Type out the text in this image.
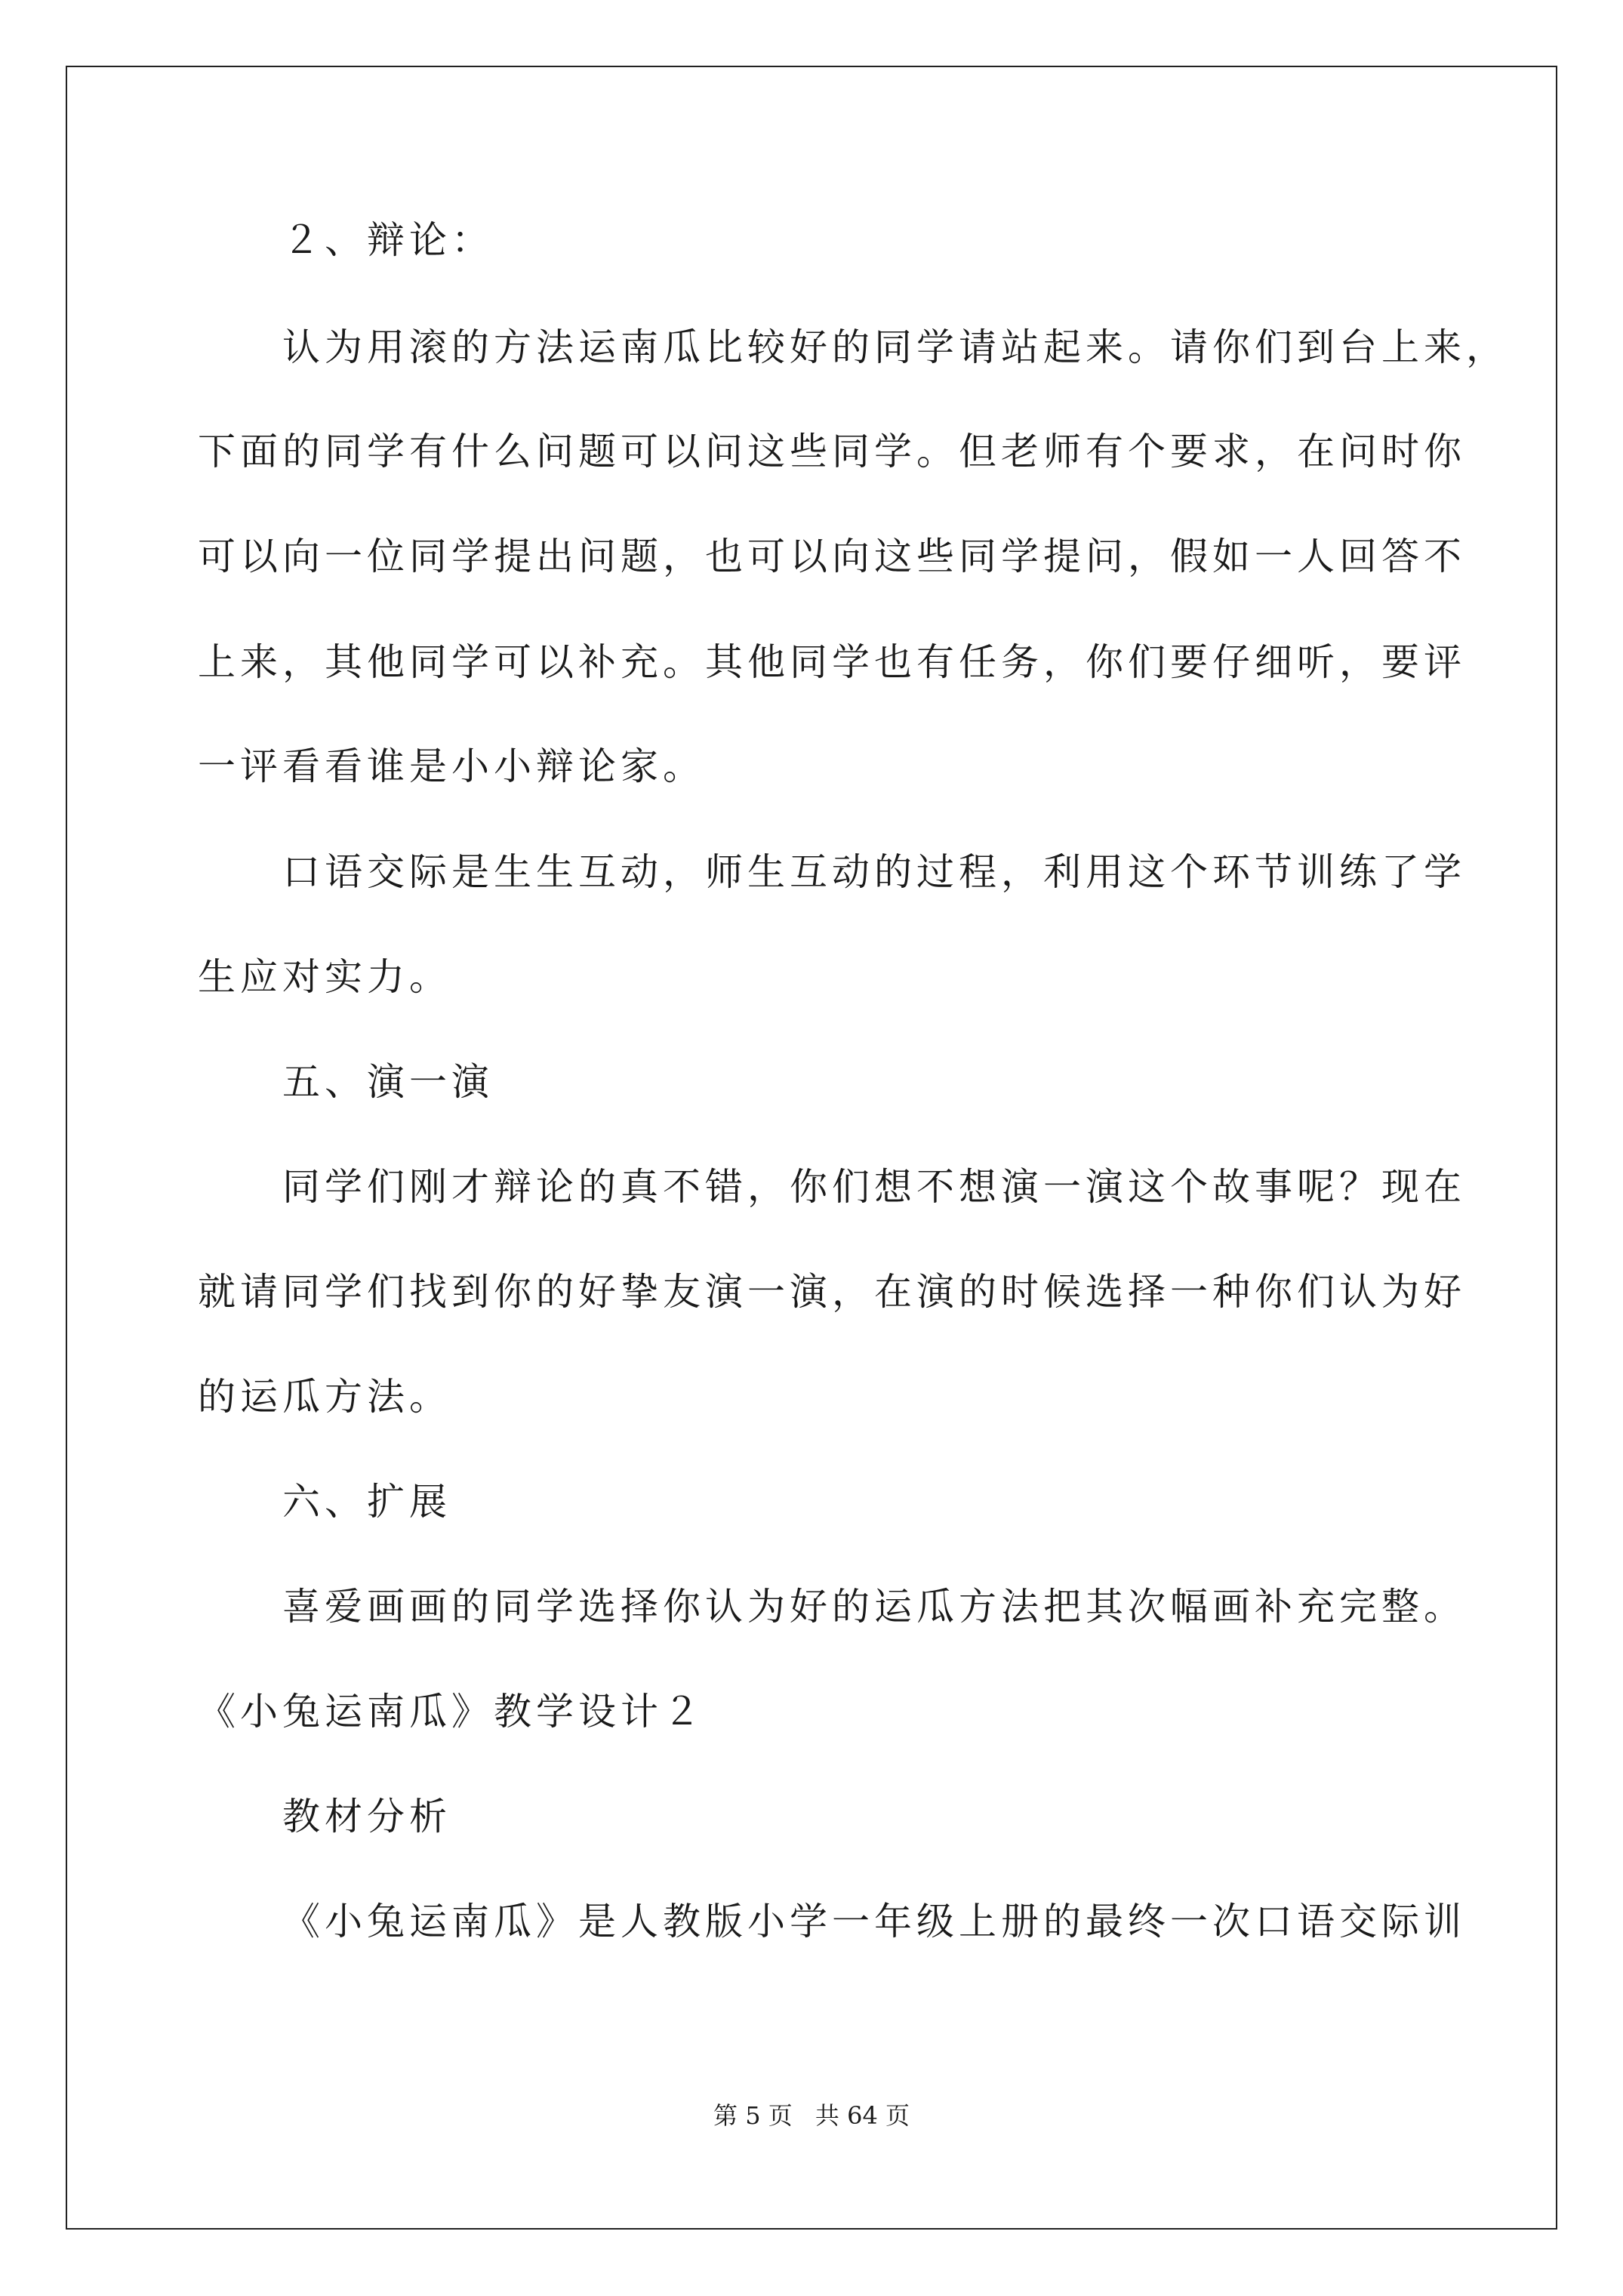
２、辩论：
认为用滚的方法运南瓜比较好的同学请站起来。请你们到台上来，
下面的同学有什么问题可以问这些同学。但老师有个要求，在问时你
可以向一位同学提出问题，也可以向这些同学提问，假如一人回答不
上来，其他同学可以补充。其他同学也有任务，你们要仔细听，要评
一评看看谁是小小辩论家。
口语交际是生生互动，师生互动的过程，利用这个环节训练了学
生应对实力。
五、演一演
同学们刚才辩论的真不错，你们想不想演一演这个故事呢？现在
就请同学们找到你的好挚友演一演，在演的时候选择一种你们认为好
的运瓜方法。
六、扩展
喜爱画画的同学选择你认为好的运瓜方法把其次幅画补充完整。
《小兔运南瓜》教学设计２
教材分析
《小兔运南瓜》是人教版小学一年级上册的最终一次口语交际训
第 5 页 共 64 页
